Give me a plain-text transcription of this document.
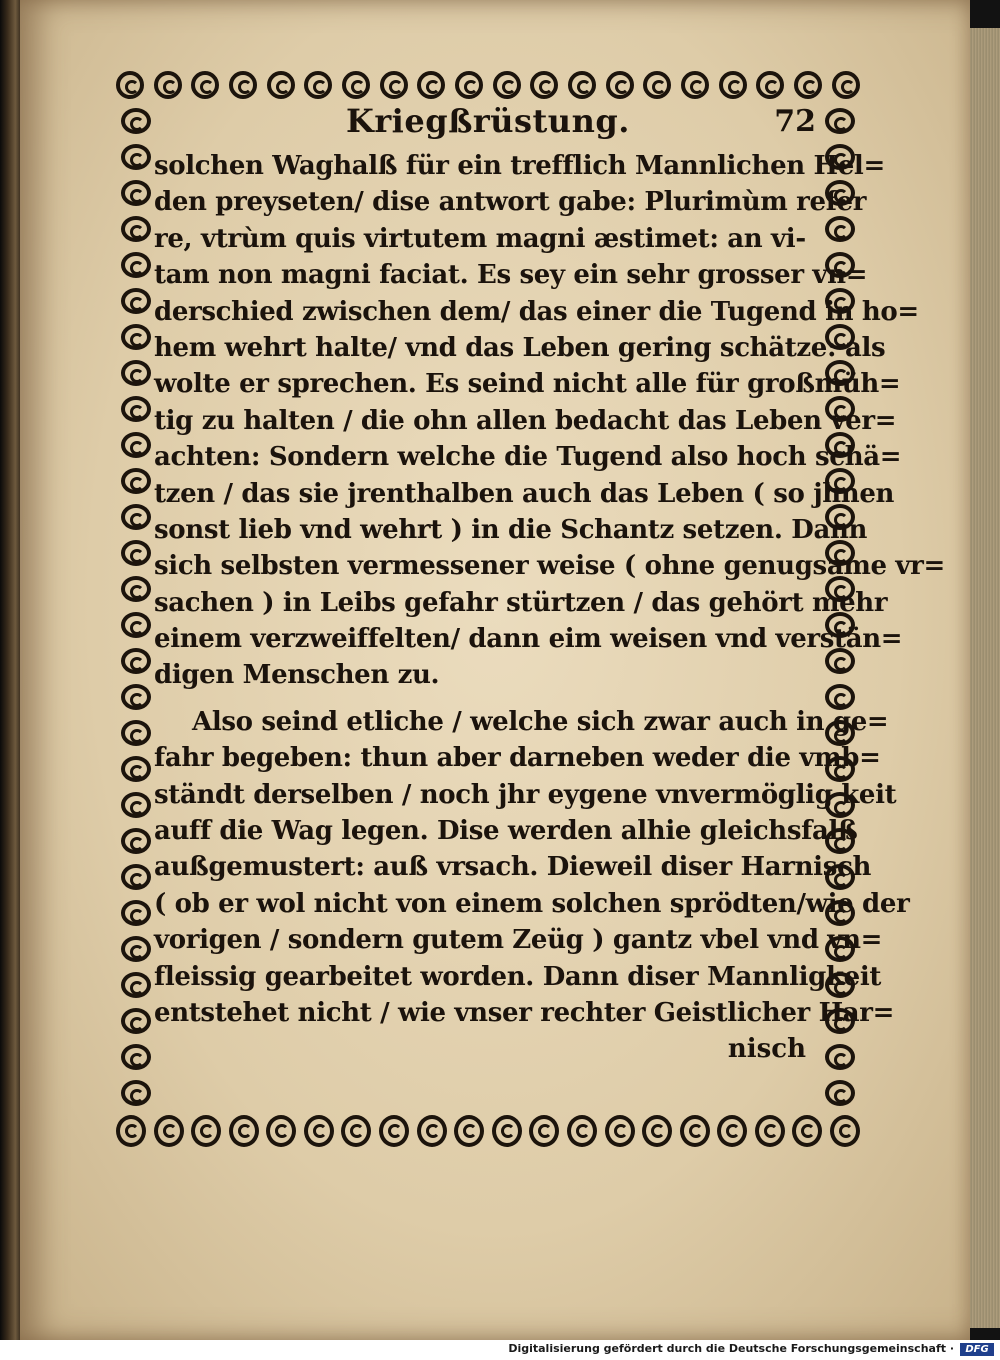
Kriegßrüstung.	72
solchen Waghalß für ein trefflich Mannlichen Hel=
den preyseten/ dise antwort gabe: Plurimùm refer
re, vtrùm quis virtutem magni æstimet: an vi-
tam non magni faciat. Es sey ein sehr grosser vn=
derschied zwischen dem/ das einer die Tugend in ho=
hem wehrt halte/ vnd das Leben gering schätze: als
wolte er sprechen. Es seind nicht alle für großmüh=
tig zu halten / die ohn allen bedacht das Leben ver=
achten: Sondern welche die Tugend also hoch schä=
tzen / das sie jrenthalben auch das Leben ( so jhnen
sonst lieb vnd wehrt ) in die Schantz setzen. Dann
sich selbsten vermessener weise ( ohne genugsame vr=
sachen ) in Leibs gefahr stürtzen / das gehört mehr
einem verzweiffelten/ dann eim weisen vnd verstän=
digen Menschen zu.
Also seind etliche / welche sich zwar auch in ge=
fahr begeben: thun aber darneben weder die vmb=
ständt derselben / noch jhr eygene vnvermöglig keit
auff die Wag legen. Dise werden alhie gleichsfalß
außgemustert: auß vrsach. Dieweil diser Harnisch
( ob er wol nicht von einem solchen sprödten/wie der
vorigen / sondern gutem Zeüg ) gantz vbel vnd vn=
fleissig gearbeitet worden. Dann diser Mannligkeit
entstehet nicht / wie vnser rechter Geistlicher Har=
nisch
Digitalisierung gefördert durch die Deutsche Forschungsgemeinschaft ·	DFG
